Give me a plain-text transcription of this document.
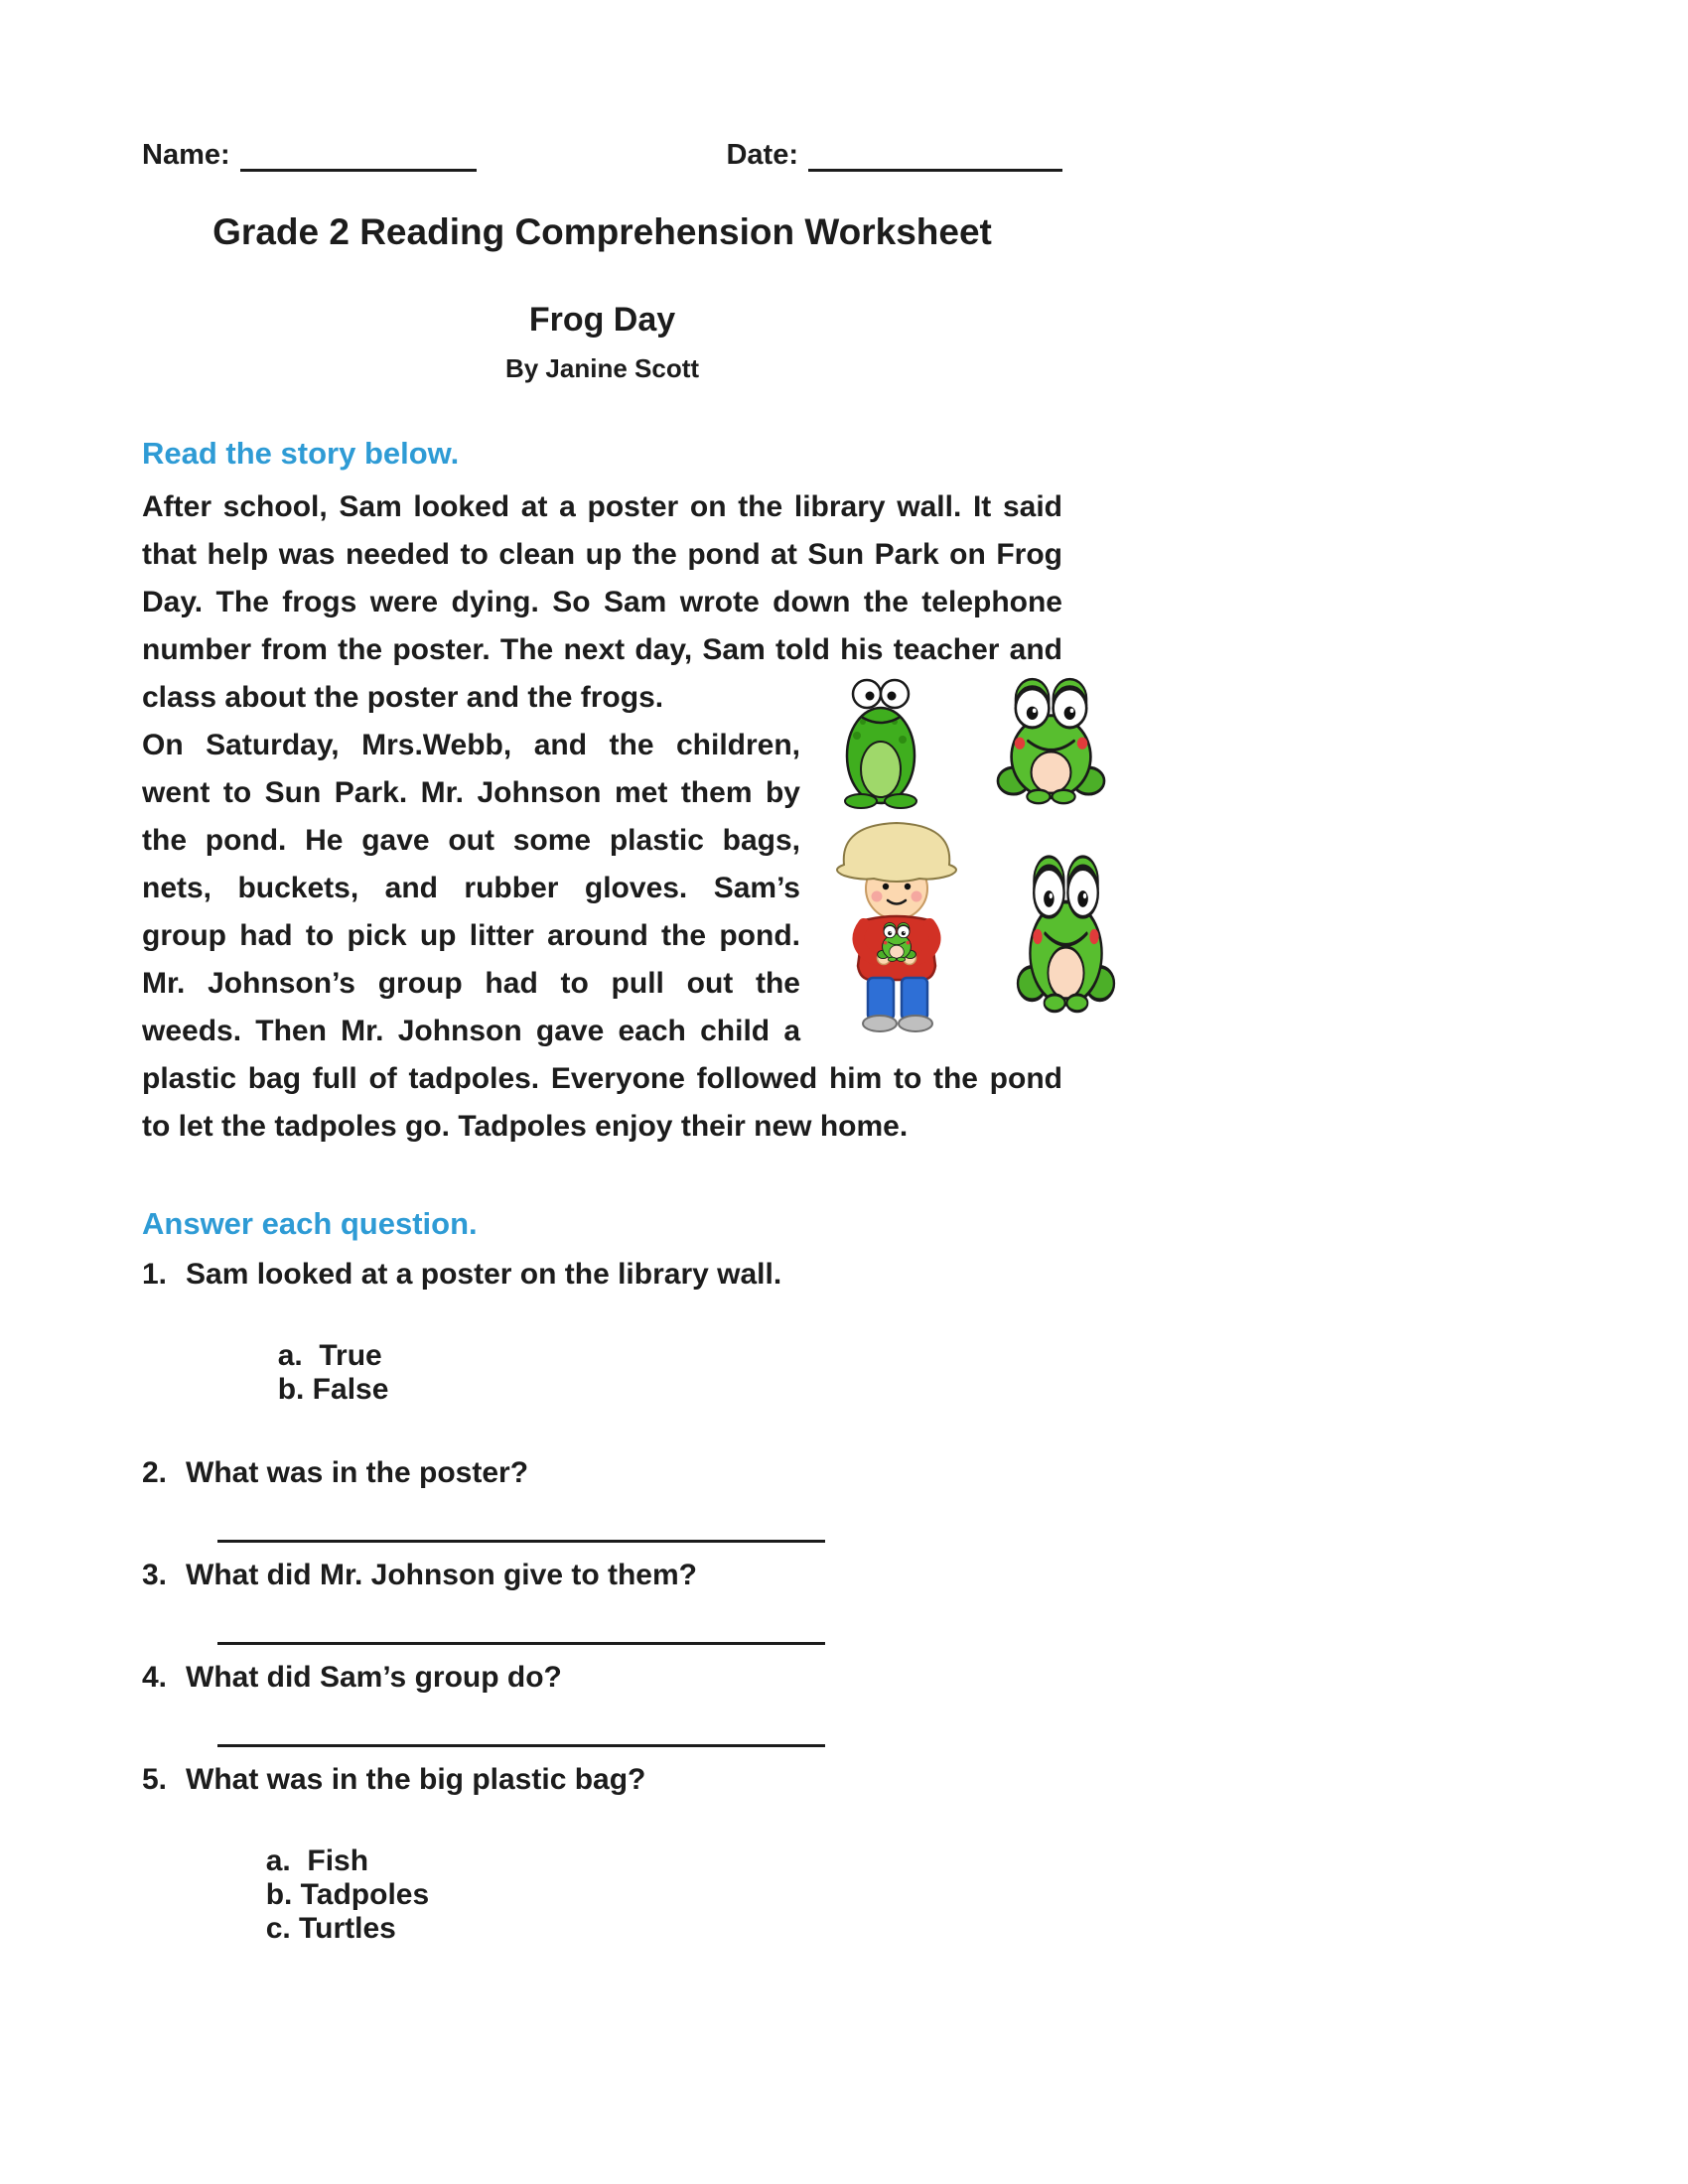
Name:	Date:
Grade 2 Reading Comprehension Worksheet
Frog Day
By Janine Scott
Read the story below.

After school, Sam looked at a poster on the library wall. It said that help was needed to clean up the pond at Sun Park on Frog Day. The frogs were dying. So Sam wrote down the telephone number from the poster. The next day, Sam told his teacher and class about the poster and the frogs.

On Saturday, Mrs.Webb, and the children, went to Sun Park. Mr. Johnson met them by the pond. He gave out some plastic bags, nets, buckets, and rubber gloves. Sam’s group had to pick up litter around the pond. Mr. Johnson’s group had to pull out the weeds. Then Mr. Johnson gave each child a plastic bag full of tadpoles. Everyone followed him to the pond to let the tadpoles go. Tadpoles enjoy their new home.

Answer each question.
1. Sam looked at a poster on the library wall.

a.  True
b. False

2. What was in the poster?
3. What did Mr. Johnson give to them?
4. What did Sam’s group do?
5. What was in the big plastic bag?

a.  Fish
b. Tadpoles
c. Turtles
